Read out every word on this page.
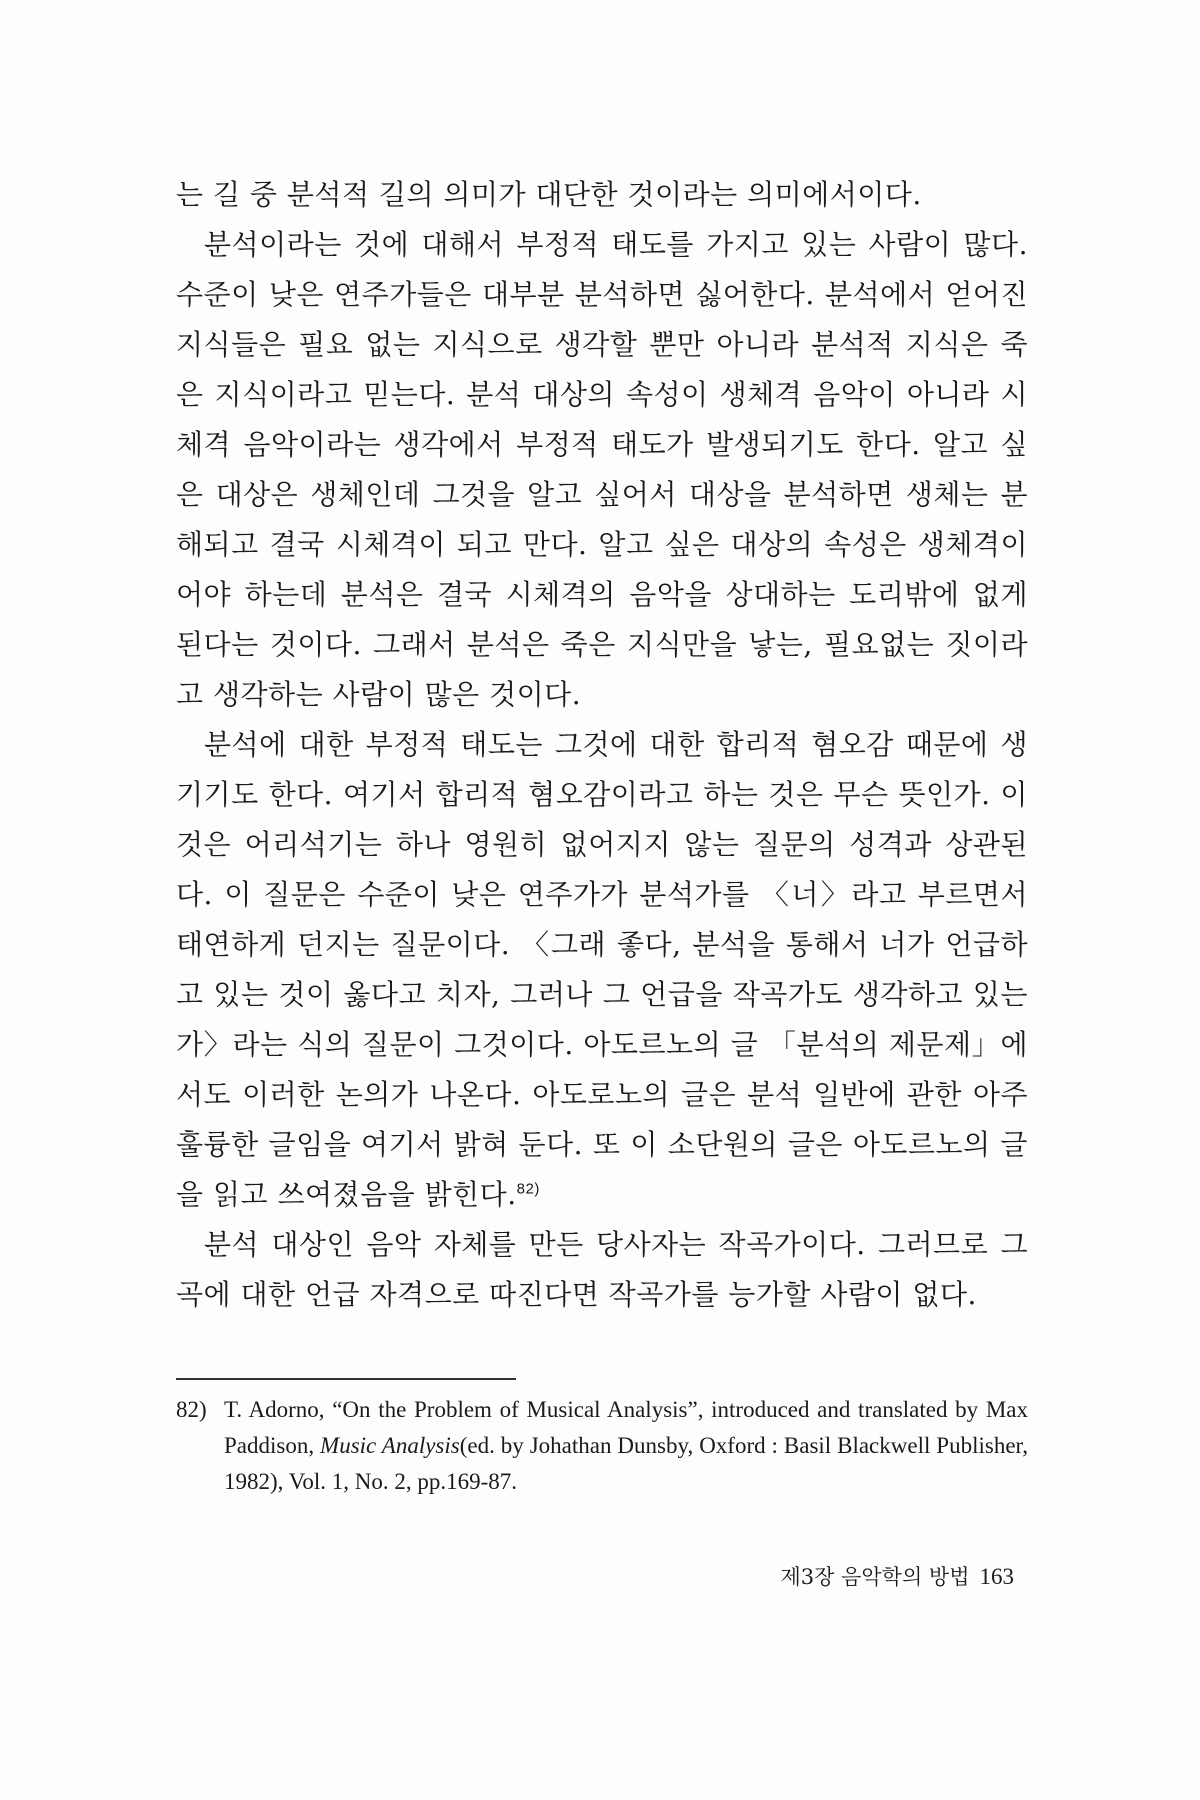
는 길 중 분석적 길의 의미가 대단한 것이라는 의미에서이다.

분석이라는 것에 대해서 부정적 태도를 가지고 있는 사람이 많다. 수준이 낮은 연주가들은 대부분 분석하면 싫어한다. 분석에서 얻어진 지식들은 필요 없는 지식으로 생각할 뿐만 아니라 분석적 지식은 죽은 지식이라고 믿는다. 분석 대상의 속성이 생체격 음악이 아니라 시체격 음악이라는 생각에서 부정적 태도가 발생되기도 한다. 알고 싶은 대상은 생체인데 그것을 알고 싶어서 대상을 분석하면 생체는 분해되고 결국 시체격이 되고 만다. 알고 싶은 대상의 속성은 생체격이어야 하는데 분석은 결국 시체격의 음악을 상대하는 도리밖에 없게 된다는 것이다. 그래서 분석은 죽은 지식만을 낳는, 필요없는 짓이라고 생각하는 사람이 많은 것이다.

분석에 대한 부정적 태도는 그것에 대한 합리적 혐오감 때문에 생기기도 한다. 여기서 합리적 혐오감이라고 하는 것은 무슨 뜻인가. 이것은 어리석기는 하나 영원히 없어지지 않는 질문의 성격과 상관된다. 이 질문은 수준이 낮은 연주가가 분석가를 〈너〉라고 부르면서 태연하게 던지는 질문이다. 〈그래 좋다, 분석을 통해서 너가 언급하고 있는 것이 옳다고 치자, 그러나 그 언급을 작곡가도 생각하고 있는가〉라는 식의 질문이 그것이다. 아도르노의 글 「분석의 제문제」에서도 이러한 논의가 나온다. 아도로노의 글은 분석 일반에 관한 아주 훌륭한 글임을 여기서 밝혀 둔다. 또 이 소단원의 글은 아도르노의 글을 읽고 쓰여졌음을 밝힌다.$^{82)}$

분석 대상인 음악 자체를 만든 당사자는 작곡가이다. 그러므로 그 곡에 대한 언급 자격으로 따진다면 작곡가를 능가할 사람이 없다.

82) T. Adorno, “On the Problem of Musical Analysis”, introduced and translated by Max Paddison, Music Analysis(ed. by Johathan Dunsby, Oxford : Basil Blackwell Publisher, 1982), Vol. 1, No. 2, pp.169-87.
제3장 음악학의 방법 163
